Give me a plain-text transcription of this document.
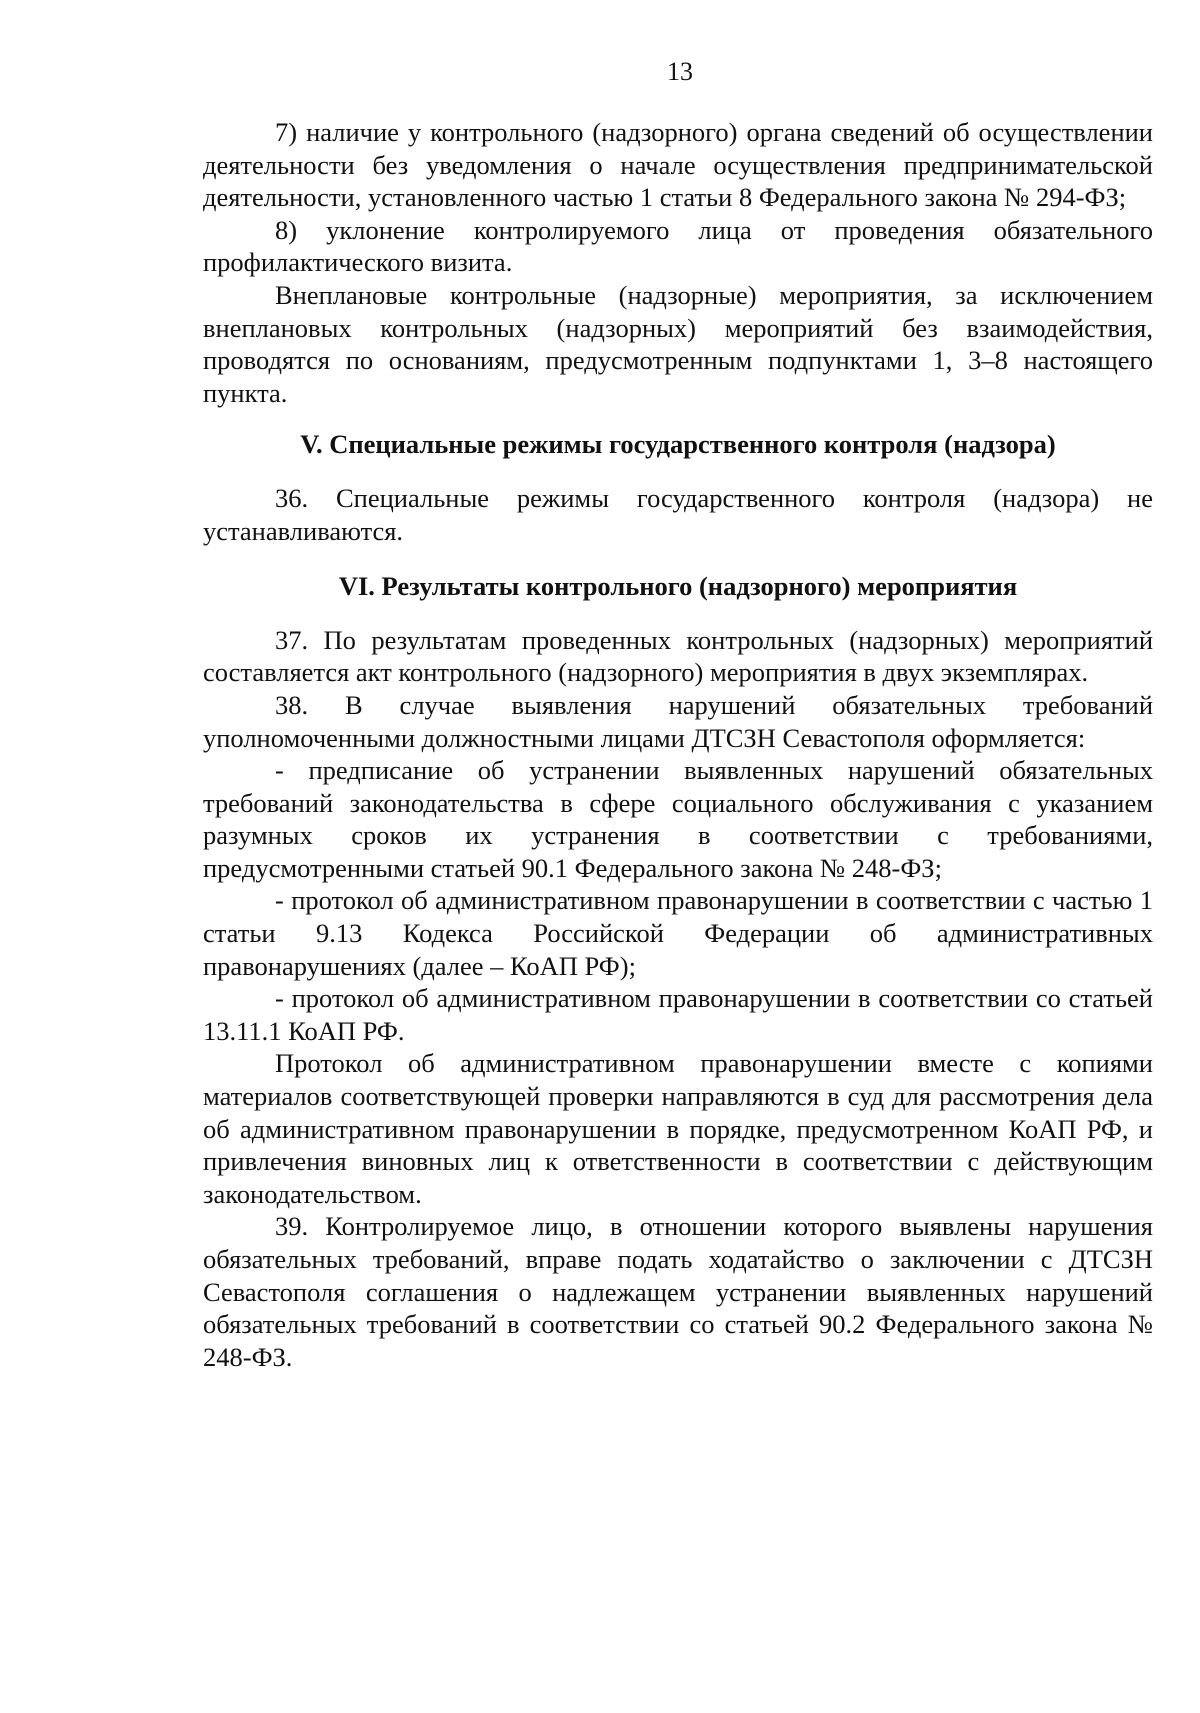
13

7) наличие у контрольного (надзорного) органа сведений об осуществлении деятельности без уведомления о начале осуществления предпринимательской деятельности, установленного частью 1 статьи 8 Федерального закона № 294-ФЗ;

8) уклонение контролируемого лица от проведения обязательного профилактического визита.

Внеплановые контрольные (надзорные) мероприятия, за исключением внеплановых контрольных (надзорных) мероприятий без взаимодействия, проводятся по основаниям, предусмотренным подпунктами 1, 3–8 настоящего пункта.

V. Специальные режимы государственного контроля (надзора)

36. Специальные режимы государственного контроля (надзора) не устанавливаются.

VI. Результаты контрольного (надзорного) мероприятия

37. По результатам проведенных контрольных (надзорных) мероприятий составляется акт контрольного (надзорного) мероприятия в двух экземплярах.

38. В случае выявления нарушений обязательных требований уполномоченными должностными лицами ДТСЗН Севастополя оформляется:

- предписание об устранении выявленных нарушений обязательных требований законодательства в сфере социального обслуживания с указанием разумных сроков их устранения в соответствии с требованиями, предусмотренными статьей 90.1 Федерального закона № 248-ФЗ;

- протокол об административном правонарушении в соответствии с частью 1 статьи 9.13 Кодекса Российской Федерации об административных правонарушениях (далее – КоАП РФ);

- протокол об административном правонарушении в соответствии со статьей 13.11.1 КоАП РФ.

Протокол об административном правонарушении вместе с копиями материалов соответствующей проверки направляются в суд для рассмотрения дела об административном правонарушении в порядке, предусмотренном КоАП РФ, и привлечения виновных лиц к ответственности в соответствии с действующим законодательством.

39. Контролируемое лицо, в отношении которого выявлены нарушения обязательных требований, вправе подать ходатайство о заключении с ДТСЗН Севастополя соглашения о надлежащем устранении выявленных нарушений обязательных требований в соответствии со статьей 90.2 Федерального закона № 248-ФЗ.
